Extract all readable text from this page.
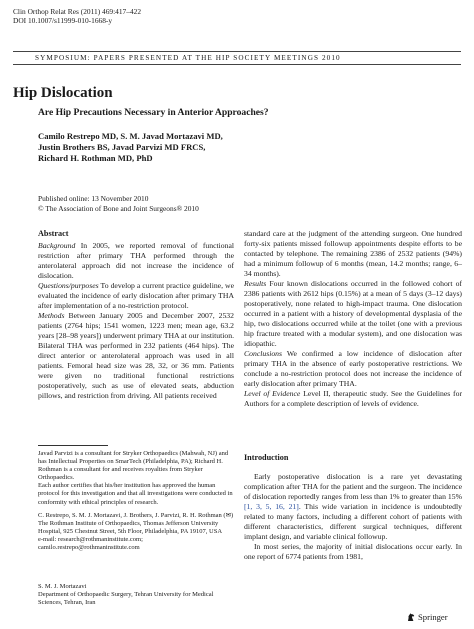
Clin Orthop Relat Res (2011) 469:417–422
DOI 10.1007/s11999-010-1668-y
SYMPOSIUM: PAPERS PRESENTED AT THE HIP SOCIETY MEETINGS 2010
Hip Dislocation
Are Hip Precautions Necessary in Anterior Approaches?
Camilo Restrepo MD, S. M. Javad Mortazavi MD,
Justin Brothers BS, Javad Parvizi MD FRCS,
Richard H. Rothman MD, PhD
Published online: 13 November 2010
© The Association of Bone and Joint Surgeons® 2010

Abstract

Background In 2005, we reported removal of functional restriction after primary THA performed through the anterolateral approach did not increase the incidence of dislocation.

Questions/purposes To develop a current practice guideline, we evaluated the incidence of early dislocation after primary THA after implementation of a no-restriction protocol.

Methods Between January 2005 and December 2007, 2532 patients (2764 hips; 1541 women, 1223 men; mean age, 63.2 years [28–98 years]) underwent primary THA at our institution. Bilateral THA was performed in 232 patients (464 hips). The direct anterior or anterolateral approach was used in all patients. Femoral head size was 28, 32, or 36 mm. Patients were given no traditional functional restrictions postoperatively, such as use of elevated seats, abduction pillows, and restriction from driving. All patients received

standard care at the judgment of the attending surgeon. One hundred forty-six patients missed followup appointments despite efforts to be contacted by telephone. The remaining 2386 of 2532 patients (94%) had a minimum followup of 6 months (mean, 14.2 months; range, 6–34 months).

Results Four known dislocations occurred in the followed cohort of 2386 patients with 2612 hips (0.15%) at a mean of 5 days (3–12 days) postoperatively, none related to high-impact trauma. One dislocation occurred in a patient with a history of developmental dysplasia of the hip, two dislocations occurred while at the toilet (one with a previous hip fracture treated with a modular system), and one dislocation was idiopathic.

Conclusions We confirmed a low incidence of dislocation after primary THA in the absence of early postoperative restrictions. We conclude a no-restriction protocol does not increase the incidence of early dislocation after primary THA.

Level of Evidence Level II, therapeutic study. See the Guidelines for Authors for a complete description of levels of evidence.

Javad Parvizi is a consultant for Stryker Orthopaedics (Mahwah, NJ) and has Intellectual Properties on SmarTech (Philadelphia, PA); Richard H. Rothman is a consultant for and receives royalties from Stryker Orthopaedics.

Each author certifies that his/her institution has approved the human protocol for this investigation and that all investigations were conducted in conformity with ethical principles of research.

C. Restrepo, S. M. J. Mortazavi, J. Brothers, J. Parvizi, R. H. Rothman (✉)

The Rothman Institute of Orthopaedics, Thomas Jefferson University Hospital, 925 Chestnut Street, 5th Floor, Philadelphia, PA 19107, USA

e-mail: research@rothmaninstitute.com;

camilo.restrepo@rothmaninstitute.com

S. M. J. Mortazavi

Department of Orthopaedic Surgery, Tehran University for Medical Sciences, Tehran, Iran

Introduction

Early postoperative dislocation is a rare yet devastating complication after THA for the patient and the surgeon. The incidence of dislocation reportedly ranges from less than 1% to greater than 15% [1, 3, 5, 16, 21]. This wide variation in incidence is undoubtedly related to many factors, including a different cohort of patients with different characteristics, different surgical techniques, different implant design, and variable clinical followup.

In most series, the majority of initial dislocations occur early. In one report of 6774 patients from 1981,

Springer
